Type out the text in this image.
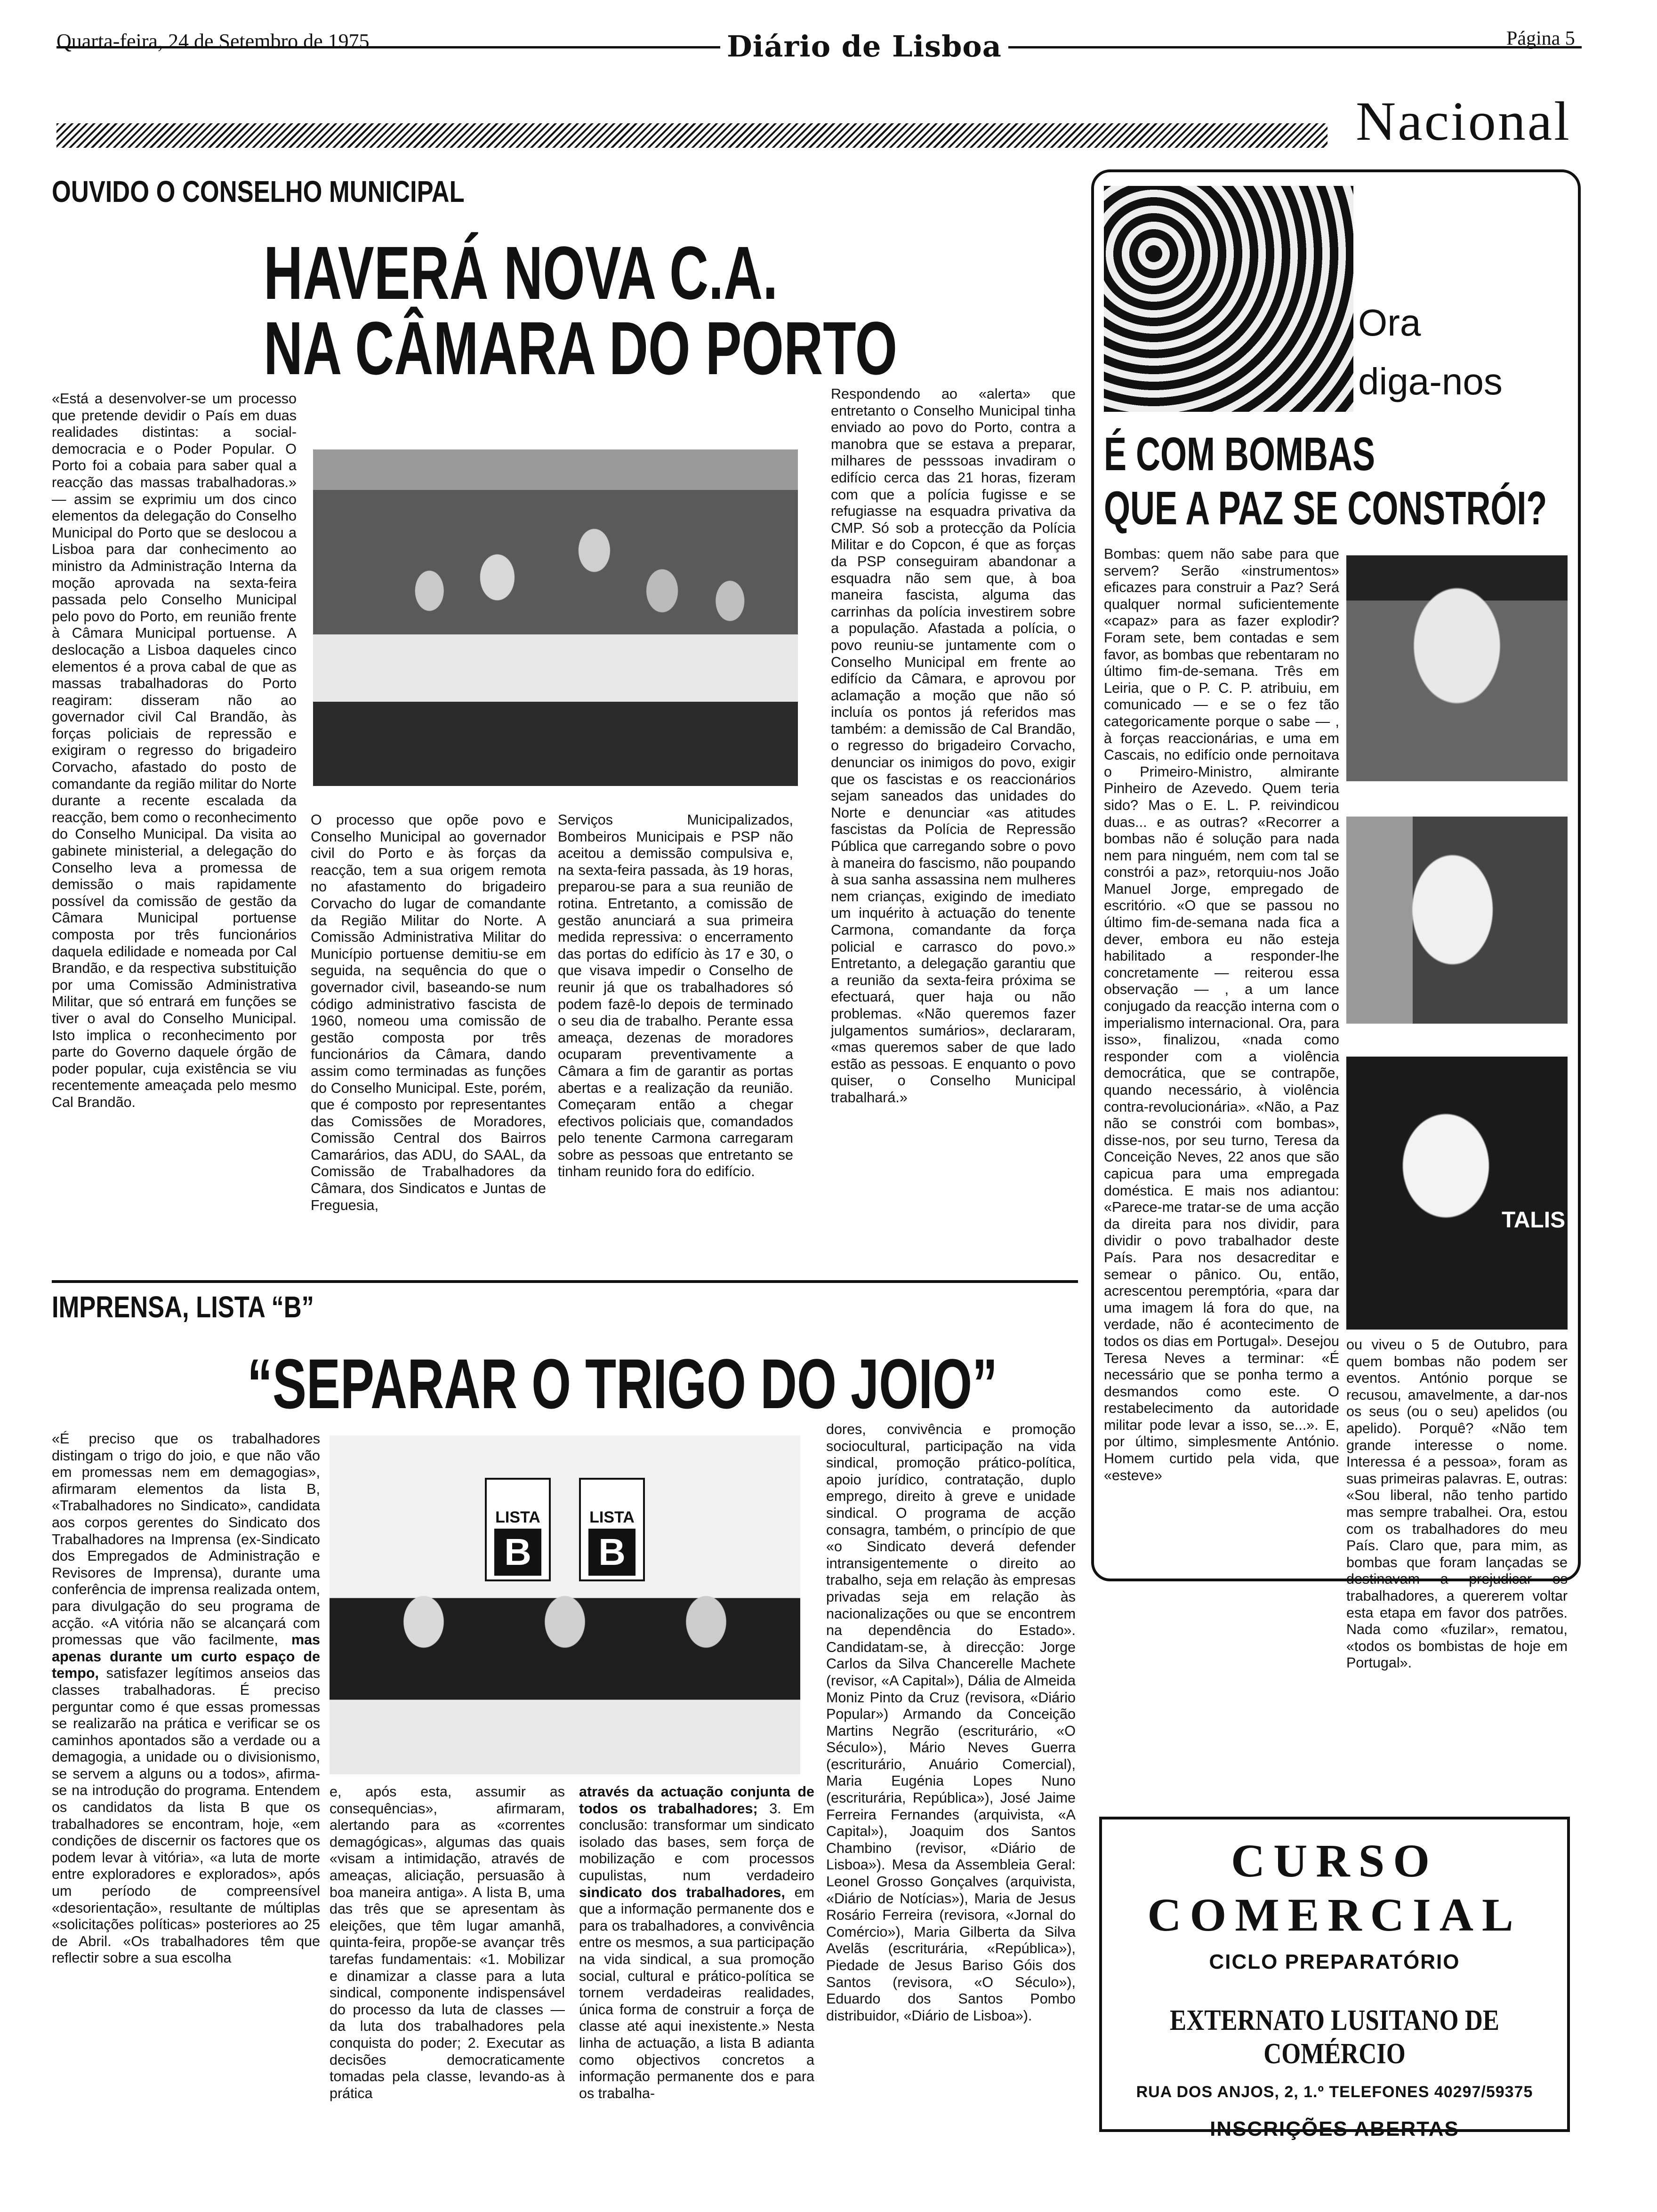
Quarta-feira, 24 de Setembro de 1975	Diário de Lisboa	Página 5
Nacional
OUVIDO O CONSELHO MUNICIPAL
HAVERÁ NOVA C.A.
NA CÂMARA DO PORTO
«Está a desenvolver-se um processo que pretende devidir o País em duas realidades distintas: a social-democracia e o Poder Popular. O Porto foi a cobaia para saber qual a reacção das massas trabalhadoras.» — assim se exprimiu um dos cinco elementos da delegação do Conselho Municipal do Porto que se deslocou a Lisboa para dar conhecimento ao ministro da Administração Interna da moção aprovada na sexta-feira passada pelo Conselho Municipal pelo povo do Porto, em reunião frente à Câmara Municipal portuense. A deslocação a Lisboa daqueles cinco elementos é a prova cabal de que as massas trabalhadoras do Porto reagiram: disseram não ao governador civil Cal Brandão, às forças policiais de repressão e exigiram o regresso do brigadeiro Corvacho, afastado do posto de comandante da região militar do Norte durante a recente escalada da reacção, bem como o reconhecimento do Conselho Municipal. Da visita ao gabinete ministerial, a delegação do Conselho leva a promessa de demissão o mais rapidamente possível da comissão de gestão da Câmara Municipal portuense composta por três funcionários daquela edilidade e nomeada por Cal Brandão, e da respectiva substituição por uma Comissão Administrativa Militar, que só entrará em funções se tiver o aval do Conselho Municipal. Isto implica o reconhecimento por parte do Governo daquele órgão de poder popular, cuja existência se viu recentemente ameaçada pelo mesmo Cal Brandão.
O processo que opõe povo e Conselho Municipal ao governador civil do Porto e às forças da reacção, tem a sua origem remota no afastamento do brigadeiro Corvacho do lugar de comandante da Região Militar do Norte. A Comissão Administrativa Militar do Município portuense demitiu-se em seguida, na sequência do que o governador civil, baseando-se num código administrativo fascista de 1960, nomeou uma comissão de gestão composta por três funcionários da Câmara, dando assim como terminadas as funções do Conselho Municipal. Este, porém, que é composto por representantes das Comissões de Moradores, Comissão Central dos Bairros Camarários, das ADU, do SAAL, da Comissão de Trabalhadores da Câmara, dos Sindicatos e Juntas de Freguesia,
Serviços Municipalizados, Bombeiros Municipais e PSP não aceitou a demissão compulsiva e, na sexta-feira passada, às 19 horas, preparou-se para a sua reunião de rotina. Entretanto, a comissão de gestão anunciará a sua primeira medida repressiva: o encerramento das portas do edifício às 17 e 30, o que visava impedir o Conselho de reunir já que os trabalhadores só podem fazê-lo depois de terminado o seu dia de trabalho. Perante essa ameaça, dezenas de moradores ocuparam preventivamente a Câmara a fim de garantir as portas abertas e a realização da reunião. Começaram então a chegar efectivos policiais que, comandados pelo tenente Carmona carregaram sobre as pessoas que entretanto se tinham reunido fora do edifício.
Respondendo ao «alerta» que entretanto o Conselho Municipal tinha enviado ao povo do Porto, contra a manobra que se estava a preparar, milhares de pesssoas invadiram o edifício cerca das 21 horas, fizeram com que a polícia fugisse e se refugiasse na esquadra privativa da CMP. Só sob a protecção da Polícia Militar e do Copcon, é que as forças da PSP conseguiram abandonar a esquadra não sem que, à boa maneira fascista, alguma das carrinhas da polícia investirem sobre a população. Afastada a polícia, o povo reuniu-se juntamente com o Conselho Municipal em frente ao edifício da Câmara, e aprovou por aclamação a moção que não só incluía os pontos já referidos mas também: a demissão de Cal Brandão, o regresso do brigadeiro Corvacho, denunciar os inimigos do povo, exigir que os fascistas e os reaccionários sejam saneados das unidades do Norte e denunciar «as atitudes fascistas da Polícia de Repressão Pública que carregando sobre o povo à maneira do fascismo, não poupando à sua sanha assassina nem mulheres nem crianças, exigindo de imediato um inquérito à actuação do tenente Carmona, comandante da força policial e carrasco do povo.» Entretanto, a delegação garantiu que a reunião da sexta-feira próxima se efectuará, quer haja ou não problemas. «Não queremos fazer julgamentos sumários», declararam, «mas queremos saber de que lado estão as pessoas. E enquanto o povo quiser, o Conselho Municipal trabalhará.»
IMPRENSA, LISTA “B”
“SEPARAR O TRIGO DO JOIO”
«É preciso que os trabalhadores distingam o trigo do joio, e que não vão em promessas nem em demagogias», afirmaram elementos da lista B, «Trabalhadores no Sindicato», candidata aos corpos gerentes do Sindicato dos Trabalhadores na Imprensa (ex-Sindicato dos Empregados de Administração e Revisores de Imprensa), durante uma conferência de imprensa realizada ontem, para divulgação do seu programa de acção. «A vitória não se alcançará com promessas que vão facilmente, mas apenas durante um curto espaço de tempo, satisfazer legítimos anseios das classes trabalhadoras. É preciso perguntar como é que essas promessas se realizarão na prática e verificar se os caminhos apontados são a verdade ou a demagogia, a unidade ou o divisionismo, se servem a alguns ou a todos», afirma-se na introdução do programa. Entendem os candidatos da lista B que os trabalhadores se encontram, hoje, «em condições de discernir os factores que os podem levar à vitória», «a luta de morte entre exploradores e explorados», após um período de compreensível «desorientação», resultante de múltiplas «solicitações políticas» posteriores ao 25 de Abril. «Os trabalhadores têm que reflectir sobre a sua escolha
LISTA
B
LISTA
B
e, após esta, assumir as consequências», afirmaram, alertando para as «correntes demagógicas», algumas das quais «visam a intimidação, através de ameaças, aliciação, persuasão à boa maneira antiga». A lista B, uma das três que se apresentam às eleições, que têm lugar amanhã, quinta-feira, propõe-se avançar três tarefas fundamentais: «1. Mobilizar e dinamizar a classe para a luta sindical, componente indispensável do processo da luta de classes — da luta dos trabalhadores pela conquista do poder; 2. Executar as decisões democraticamente tomadas pela classe, levando-as à prática
através da actuação conjunta de todos os trabalhadores; 3. Em conclusão: transformar um sindicato isolado das bases, sem força de mobilização e com processos cupulistas, num verdadeiro sindicato dos trabalhadores, em que a informação permanente dos e para os trabalhadores, a convivência entre os mesmos, a sua participação na vida sindical, a sua promoção social, cultural e prático-política se tornem verdadeiras realidades, única forma de construir a força de classe até aqui inexistente.» Nesta linha de actuação, a lista B adianta como objectivos concretos a informação permanente dos e para os trabalha-
dores, convivência e promoção sociocultural, participação na vida sindical, promoção prático-política, apoio jurídico, contratação, duplo emprego, direito à greve e unidade sindical. O programa de acção consagra, também, o princípio de que «o Sindicato deverá defender intransigentemente o direito ao trabalho, seja em relação às empresas privadas seja em relação às nacionalizações ou que se encontrem na dependência do Estado». Candidatam-se, à direcção: Jorge Carlos da Silva Chancerelle Machete (revisor, «A Capital»), Dália de Almeida Moniz Pinto da Cruz (revisora, «Diário Popular») Armando da Conceição Martins Negrão (escriturário, «O Século»), Mário Neves Guerra (escriturário, Anuário Comercial), Maria Eugénia Lopes Nuno (escriturária, República»), José Jaime Ferreira Fernandes (arquivista, «A Capital»), Joaquim dos Santos Chambino (revisor, «Diário de Lisboa»). Mesa da Assembleia Geral: Leonel Grosso Gonçalves (arquivista, «Diário de Notícias»), Maria de Jesus Rosário Ferreira (revisora, «Jornal do Comércio»), Maria Gilberta da Silva Avelãs (escriturária, «República»), Piedade de Jesus Bariso Góis dos Santos (revisora, «O Século»), Eduardo dos Santos Pombo distribuidor, «Diário de Lisboa»).
Ora
diga-nos
É COM BOMBAS
QUE A PAZ SE CONSTRÓI?
Bombas: quem não sabe para que servem? Serão «instrumentos» eficazes para construir a Paz? Será qualquer normal suficientemente «capaz» para as fazer explodir? Foram sete, bem contadas e sem favor, as bombas que rebentaram no último fim-de-semana. Três em Leiria, que o P. C. P. atribuiu, em comunicado — e se o fez tão categoricamente porque o sabe — , à forças reaccionárias, e uma em Cascais, no edifício onde pernoitava o Primeiro-Ministro, almirante Pinheiro de Azevedo. Quem teria sido? Mas o E. L. P. reivindicou duas... e as outras? «Recorrer a bombas não é solução para nada nem para ninguém, nem com tal se constrói a paz», retorquiu-nos João Manuel Jorge, empregado de escritório. «O que se passou no último fim-de-semana nada fica a dever, embora eu não esteja habilitado a responder-lhe concretamente — reiterou essa observação — , a um lance conjugado da reacção interna com o imperialismo internacional. Ora, para isso», finalizou, «nada como responder com a violência democrática, que se contrapõe, quando necessário, à violência contra-revolucionária». «Não, a Paz não se constrói com bombas», disse-nos, por seu turno, Teresa da Conceição Neves, 22 anos que são capicua para uma empregada doméstica. E mais nos adiantou: «Parece-me tratar-se de uma acção da direita para nos dividir, para dividir o povo trabalhador deste País. Para nos desacreditar e semear o pânico. Ou, então, acrescentou peremptória, «para dar uma imagem lá fora do que, na verdade, não é acontecimento de todos os dias em Portugal». Desejou Teresa Neves a terminar: «É necessário que se ponha termo a desmandos como este. O restabelecimento da autoridade militar pode levar a isso, se...». E, por último, simplesmente António. Homem curtido pela vida, que «esteve»
TALIS
ou viveu o 5 de Outubro, para quem bombas não podem ser eventos. António porque se recusou, amavelmente, a dar-nos os seus (ou o seu) apelidos (ou apelido). Porquê? «Não tem grande interesse o nome. Interessa é a pessoa», foram as suas primeiras palavras. E, outras: «Sou liberal, não tenho partido mas sempre trabalhei. Ora, estou com os trabalhadores do meu País. Claro que, para mim, as bombas que foram lançadas se destinavam a prejudicar os trabalhadores, a quererem voltar esta etapa em favor dos patrões. Nada como «fuzilar», rematou, «todos os bombistas de hoje em Portugal».
CURSO
COMERCIAL
CICLO PREPARATÓRIO
EXTERNATO LUSITANO DE COMÉRCIO
RUA DOS ANJOS, 2, 1.º TELEFONES 40297/59375
— INSCRIÇÕES ABERTAS —
